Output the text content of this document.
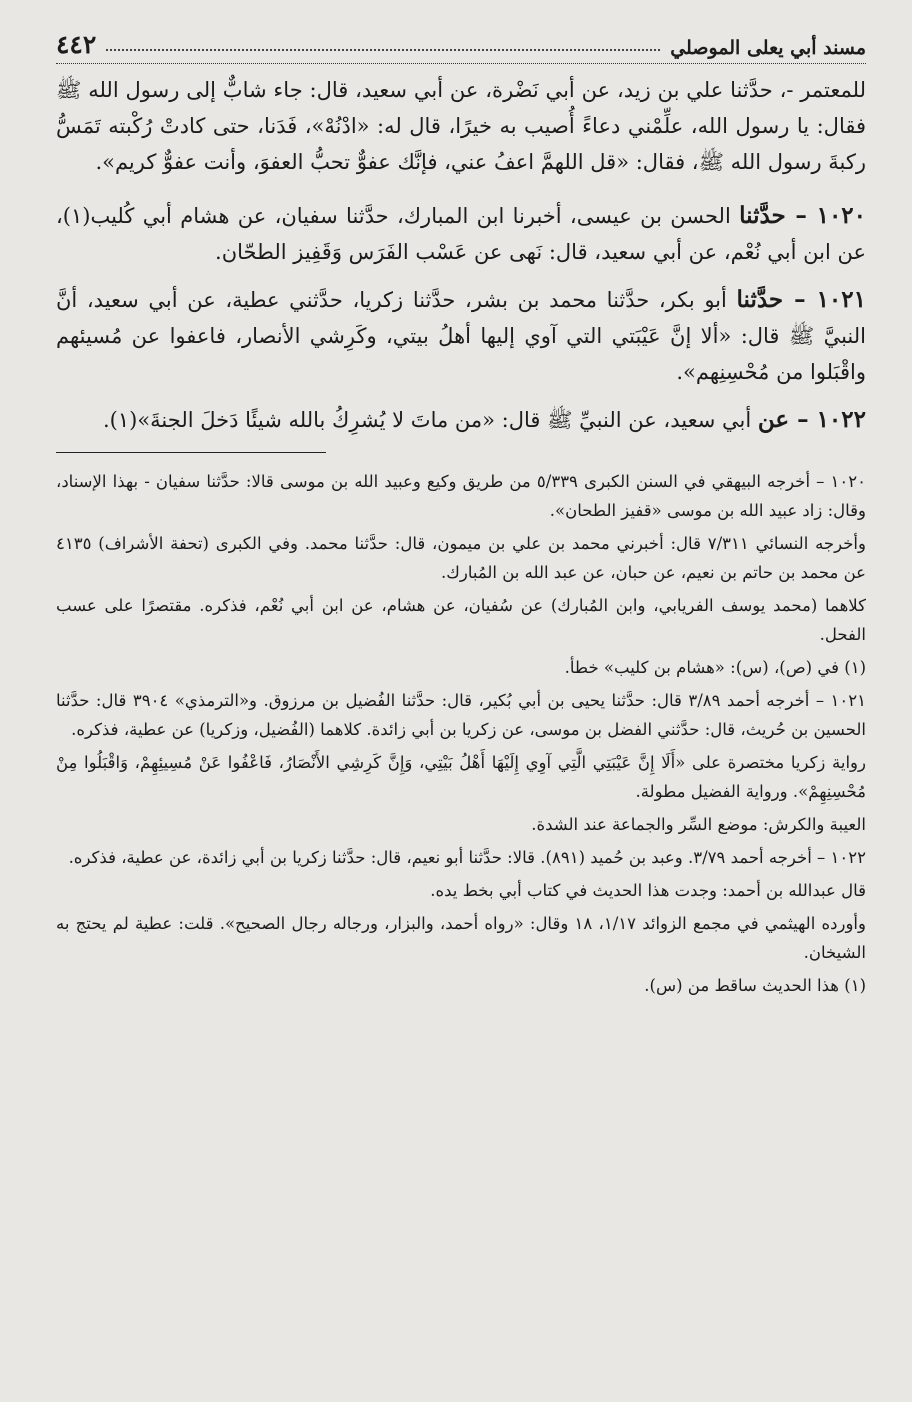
مسند أبي يعلى الموصلي
٤٤٢

للمعتمر -، حدَّثنا علي بن زيد، عن أبي نَضْرة، عن أبي سعيد، قال: جاء شابٌّ إلى رسول الله ﷺ فقال: يا رسول الله، علِّمْني دعاءً أُصيب به خيرًا، قال له: «ادْنُهْ»، فَدَنا، حتى كادتْ رُكْبته تَمَسُّ ركبةَ رسول الله ﷺ، فقال: «قل اللهمَّ اعفُ عني، فإنَّك عفوٌّ تحبُّ العفوَ، وأنت عفوٌّ كريم».

١٠٢٠ – حدَّثنا الحسن بن عيسى، أخبرنا ابن المبارك، حدَّثنا سفيان، عن هشام أبي كُليب(١)، عن ابن أبي نُعْم، عن أبي سعيد، قال: نَهى عن عَسْب الفَرَس وَقَفِيز الطحّان.

١٠٢١ – حدَّثنا أبو بكر، حدَّثنا محمد بن بشر، حدَّثنا زكريا، حدَّثني عطية، عن أبي سعيد، أنَّ النبيَّ ﷺ قال: «ألا إنَّ عَيْبَتي التي آوي إليها أهلُ بيتي، وكَرِشي الأنصار، فاعفوا عن مُسيئهم واقْبَلوا من مُحْسِنِهم».

١٠٢٢ – عن أبي سعيد، عن النبيِّ ﷺ قال: «من ماتَ لا يُشرِكُ بالله شيئًا دَخلَ الجنةَ»(١).

١٠٢٠ – أخرجه البيهقي في السنن الكبرى ٥/٣٣٩ من طريق وكيع وعبيد الله بن موسى قالا: حدَّثنا سفيان - بهذا الإسناد، وقال: زاد عبيد الله بن موسى «قفيز الطحان».

وأخرجه النسائي ٧/٣١١ قال: أخبرني محمد بن علي بن ميمون، قال: حدَّثنا محمد. وفي الكبرى (تحفة الأشراف) ٤١٣٥ عن محمد بن حاتم بن نعيم، عن حبان، عن عبد الله بن المُبارك.

كلاهما (محمد يوسف الفريابي، وابن المُبارك) عن سُفيان، عن هشام، عن ابن أبي نُعْم، فذكره. مقتصرًا على عسب الفحل.

(١) في (ص)، (س): «هشام بن كليب» خطأ.

١٠٢١ – أخرجه أحمد ٣/٨٩ قال: حدَّثنا يحيى بن أبي بُكير، قال: حدَّثنا الفُضيل بن مرزوق. و«الترمذي» ٣٩٠٤ قال: حدَّثنا الحسين بن حُريث، قال: حدَّثني الفضل بن موسى، عن زكريا بن أبي زائدة. كلاهما (الفُضيل، وزكريا) عن عطية، فذكره.

رواية زكريا مختصرة على «أَلَا إِنَّ عَيْبَتِي الَّتِي آوِي إِلَيْهَا أَهْلُ بَيْتِي، وَإِنَّ كَرِشِي الأَنْصَارُ، فَاعْفُوا عَنْ مُسِيئِهِمْ، وَاقْبَلُوا مِنْ مُحْسِنِهِمْ». ورواية الفضيل مطولة.

العيبة والكرش: موضع السِّر والجماعة عند الشدة.

١٠٢٢ – أخرجه أحمد ٣/٧٩. وعبد بن حُميد (٨٩١). قالا: حدَّثنا أبو نعيم، قال: حدَّثنا زكريا بن أبي زائدة، عن عطية، فذكره.

قال عبدالله بن أحمد: وجدت هذا الحديث في كتاب أبي بخط يده.

وأورده الهيثمي في مجمع الزوائد ١/١٧، ١٨ وقال: «رواه أحمد، والبزار، ورجاله رجال الصحيح». قلت: عطية لم يحتج به الشيخان.

(١) هذا الحديث ساقط من (س).
